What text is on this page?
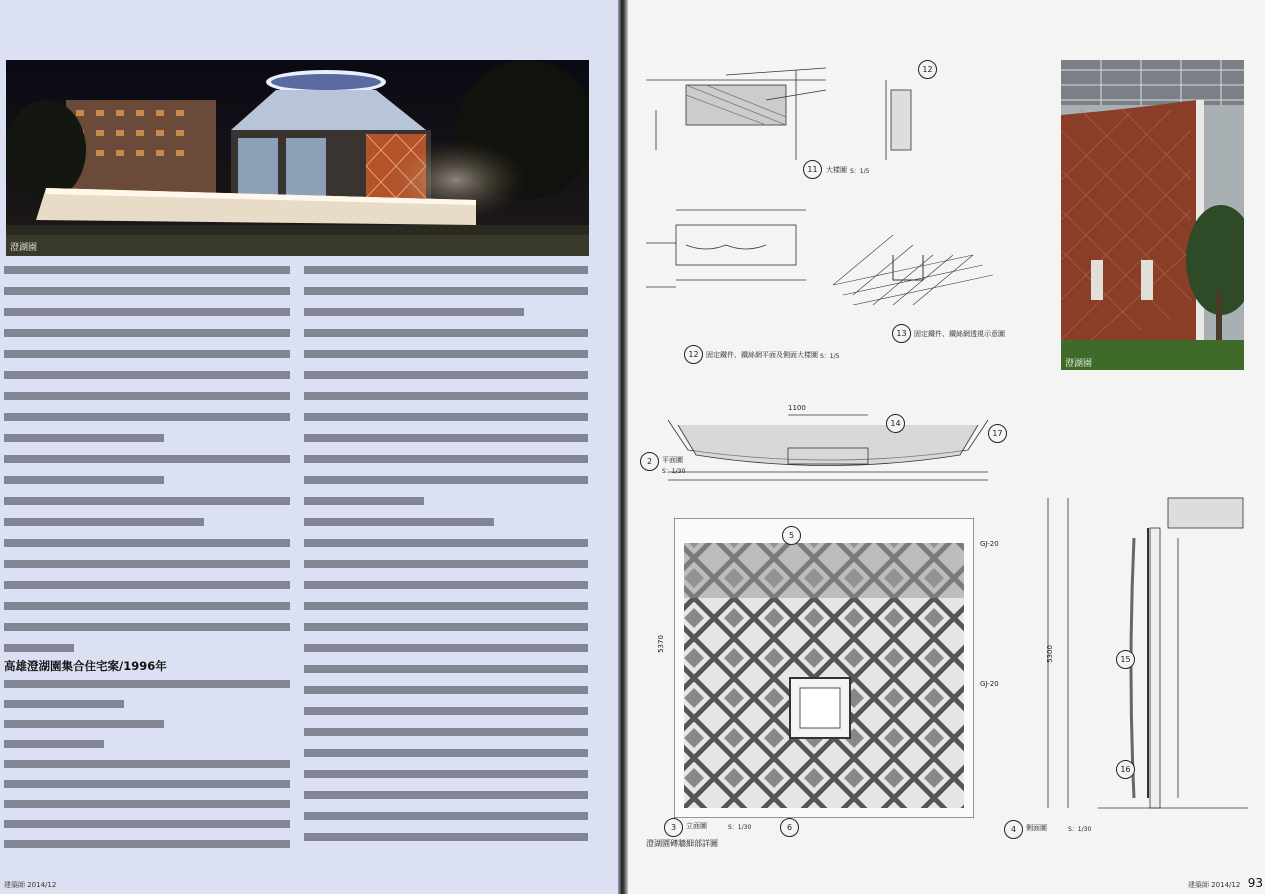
澄湖園
高雄澄湖園集合住宅案/1996年
建築師 2014/12
12
11	大樣圖 S：1/5
12	固定鐵件、鐵絲網平面及側面大樣圖 S：1/5
13	固定鐵件、鐵絲網透視示意圖
澄湖園
1100
14
17
2	平面圖
S：1/30
5
GJ-20
GJ-20
5370
3	立面圖	S：1/30	6
5300	15
16
4	側面圖	S：1/30
澄湖園磚牆細部詳圖
建築師 2014/12 93
